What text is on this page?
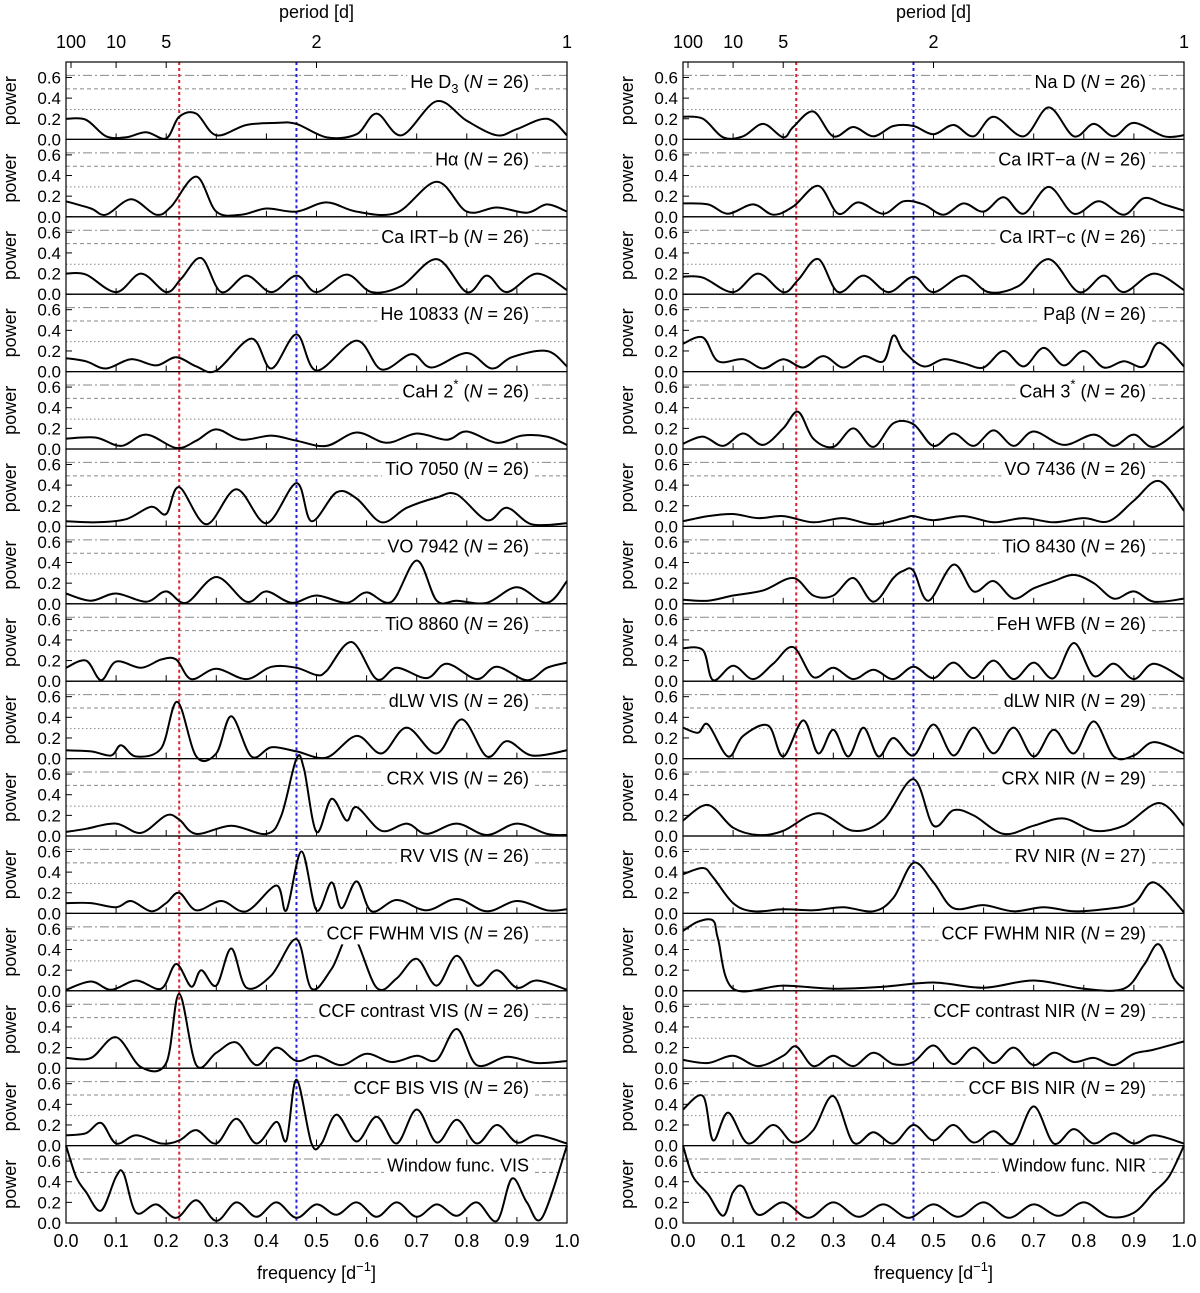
period [d]
100 10 5	2	1
0.0
0.2
0.4
0.6
power	He $D_3$ (N = 26)
0.0
0.2
0.4
0.6
power	Hα (N = 26)
0.0
0.2
0.4
0.6
power	Ca IRT−b (N = 26)
0.0
0.2
0.4
0.6
power	He 10833 (N = 26)
0.0
0.2
0.4
0.6
power	CaH 2* (N = 26)
0.0
0.2
0.4
0.6
power	TiO 7050 (N = 26)
0.0
0.2
0.4
0.6
power	VO 7942 (N = 26)
0.0
0.2
0.4
0.6
power	TiO 8860 (N = 26)
0.0
0.2
0.4
0.6
power	dLW VIS (N = 26)
0.0
0.2
0.4
0.6
power	CRX VIS (N = 26)
0.0
0.2
0.4
0.6
power	RV VIS (N = 26)
0.0
0.2
0.4
0.6
power	CCF FWHM VIS (N = 26)
0.0
0.2
0.4
0.6
power	CCF contrast VIS (N = 26)
0.0
0.2
0.4
0.6
power	CCF BIS VIS (N = 26)
0.0
0.2
0.4
0.6
power	Window func. VIS
0.0 0.1 0.2 0.3 0.4 0.5 0.6 0.7 0.8 0.9 1.0
frequency $[d^{-1}]$
period [d]
100 10 5	2	1
0.0
0.2
0.4
0.6
power	Na D (N = 26)
0.0
0.2
0.4
0.6
power	Ca IRT−a (N = 26)
0.0
0.2
0.4
0.6
power	Ca IRT−c (N = 26)
0.0
0.2
0.4
0.6
power	Paβ (N = 26)
0.0
0.2
0.4
0.6
power	CaH 3* (N = 26)
0.0
0.2
0.4
0.6
power	VO 7436 (N = 26)
0.0
0.2
0.4
0.6
power	TiO 8430 (N = 26)
0.0
0.2
0.4
0.6
power	FeH WFB (N = 26)
0.0
0.2
0.4
0.6
power	dLW NIR (N = 29)
0.0
0.2
0.4
0.6
power	CRX NIR (N = 29)
0.0
0.2
0.4
0.6
power	RV NIR (N = 27)
0.0
0.2
0.4
0.6
power	CCF FWHM NIR (N = 29)
0.0
0.2
0.4
0.6
power	CCF contrast NIR (N = 29)
0.0
0.2
0.4
0.6
power	CCF BIS NIR (N = 29)
0.0
0.2
0.4
0.6
power	Window func. NIR
0.0 0.1 0.2 0.3 0.4 0.5 0.6 0.7 0.8 0.9 1.0
frequency $[d^{-1}]$
